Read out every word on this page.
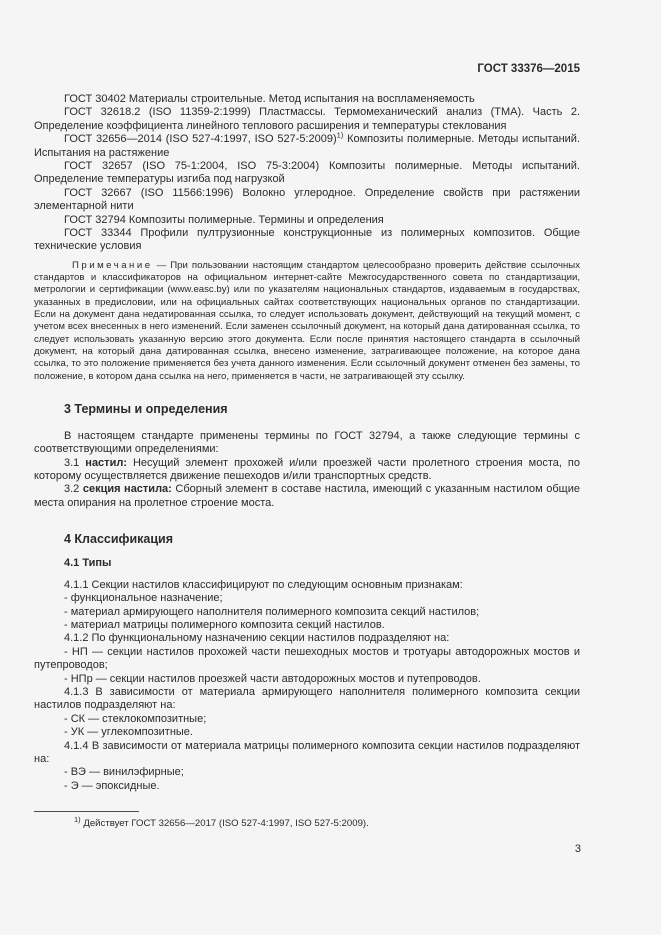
ГОСТ 33376—2015

ГОСТ 30402 Материалы строительные. Метод испытания на воспламеняемость

ГОСТ 32618.2 (ISO 11359-2:1999) Пластмассы. Термомеханический анализ (ТМА). Часть 2. Определение коэффициента линейного теплового расширения и температуры стеклования

ГОСТ 32656—2014 (ISO 527-4:1997, ISO 527-5:2009)$^{1)}$ Композиты полимерные. Методы испытаний. Испытания на растяжение

ГОСТ 32657 (ISO 75-1:2004, ISO 75-3:2004) Композиты полимерные. Методы испытаний. Определение температуры изгиба под нагрузкой

ГОСТ 32667 (ISO 11566:1996) Волокно углеродное. Определение свойств при растяжении элементарной нити

ГОСТ 32794 Композиты полимерные. Термины и определения

ГОСТ 33344 Профили пултрузионные конструкционные из полимерных композитов. Общие технические условия

Примечание — При пользовании настоящим стандартом целесообразно проверить действие ссылочных стандартов и классификаторов на официальном интернет-сайте Межгосударственного совета по стандартизации, метрологии и сертификации (www.easc.by) или по указателям национальных стандартов, издаваемым в государствах, указанных в предисловии, или на официальных сайтах соответствующих национальных органов по стандартизации. Если на документ дана недатированная ссылка, то следует использовать документ, действующий на текущий момент, с учетом всех внесенных в него изменений. Если заменен ссылочный документ, на который дана датированная ссылка, то следует использовать указанную версию этого документа. Если после принятия настоящего стандарта в ссылочный документ, на который дана датированная ссылка, внесено изменение, затрагивающее положение, на которое дана ссылка, то это положение применяется без учета данного изменения. Если ссылочный документ отменен без замены, то положение, в котором дана ссылка на него, применяется в части, не затрагивающей эту ссылку.

3 Термины и определения

В настоящем стандарте применены термины по ГОСТ 32794, а также следующие термины с соответствующими определениями:

3.1 настил: Несущий элемент прохожей и/или проезжей части пролетного строения моста, по которому осуществляется движение пешеходов и/или транспортных средств.

3.2 секция настила: Сборный элемент в составе настила, имеющий с указанным настилом общие места опирания на пролетное строение моста.

4 Классификация
4.1 Типы

4.1.1 Секции настилов классифицируют по следующим основным признакам:

- функциональное назначение;

- материал армирующего наполнителя полимерного композита секций настилов;

- материал матрицы полимерного композита секций настилов.

4.1.2 По функциональному назначению секции настилов подразделяют на:

- НП — секции настилов прохожей части пешеходных мостов и тротуары автодорожных мостов и путепроводов;

- НПр — секции настилов проезжей части автодорожных мостов и путепроводов.

4.1.3 В зависимости от материала армирующего наполнителя полимерного композита секции настилов подразделяют на:

- СК — стеклокомпозитные;

- УК — углекомпозитные.

4.1.4 В зависимости от материала матрицы полимерного композита секции настилов подразделяют на:

- ВЭ — винилэфирные;

- Э — эпоксидные.

$^{1)}$ Действует ГОСТ 32656—2017 (ISO 527-4:1997, ISO 527-5:2009).

3
